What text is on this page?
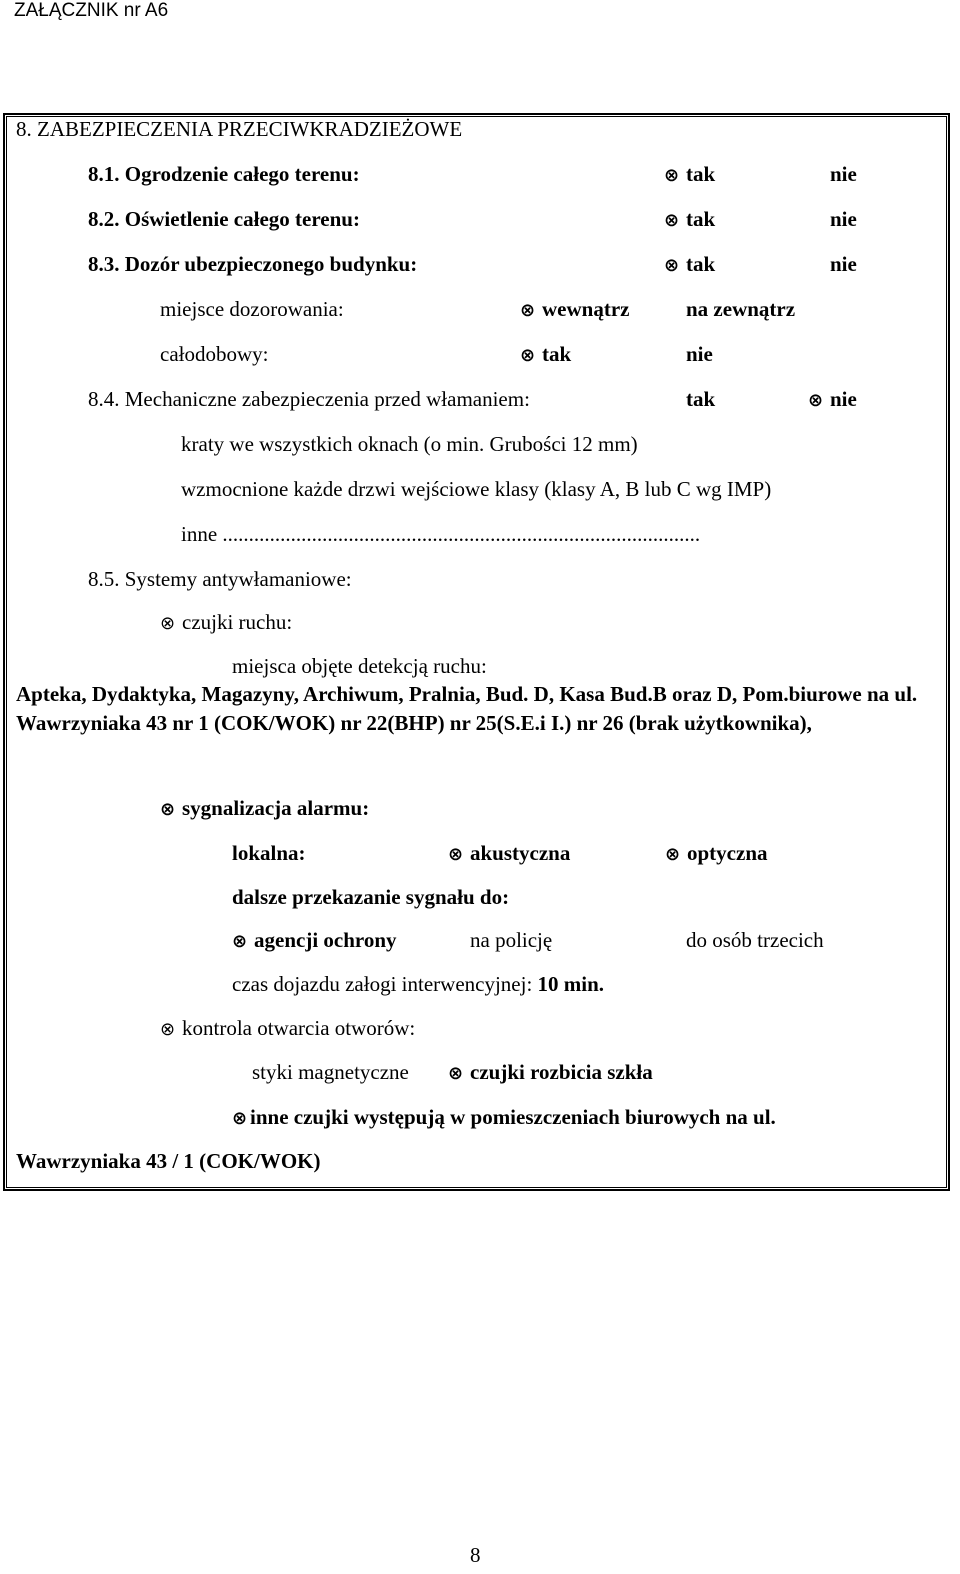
ZAŁĄCZNIK nr A6
8. ZABEZPIECZENIA PRZECIWKRADZIEŻOWE
8.1. Ogrodzenie całego terenu:	⊗ tak	nie
8.2. Oświetlenie całego terenu:	⊗ tak	nie
8.3. Dozór ubezpieczonego budynku:	⊗ tak	nie
miejsce dozorowania:	⊗ wewnątrz	na zewnątrz
całodobowy:	⊗ tak	nie
8.4. Mechaniczne zabezpieczenia przed włamaniem:	tak	⊗ nie
kraty we wszystkich oknach (o min. Grubości 12 mm)
wzmocnione każde drzwi wejściowe klasy (klasy A, B lub C wg IMP)
inne ...........................................................................................
8.5. Systemy antywłamaniowe:
⊗ czujki ruchu:
miejsca objęte detekcją ruchu:
Apteka, Dydaktyka, Magazyny, Archiwum, Pralnia, Bud. D, Kasa Bud.B oraz D, Pom.biurowe na ul. Wawrzyniaka 43 nr 1 (COK/WOK) nr 22(BHP) nr 25(S.E.i I.) nr 26 (brak użytkownika),
⊗ sygnalizacja alarmu:
lokalna:	⊗ akustyczna	⊗ optyczna
dalsze przekazanie sygnału do:
⊗ agencji ochrony	na policję	do osób trzecich
czas dojazdu załogi interwencyjnej: 10 min.
⊗ kontrola otwarcia otworów:
styki magnetyczne ⊗ czujki rozbicia szkła
⊗ inne czujki występują w pomieszczeniach biurowych na ul.
Wawrzyniaka 43 / 1 (COK/WOK)
8
